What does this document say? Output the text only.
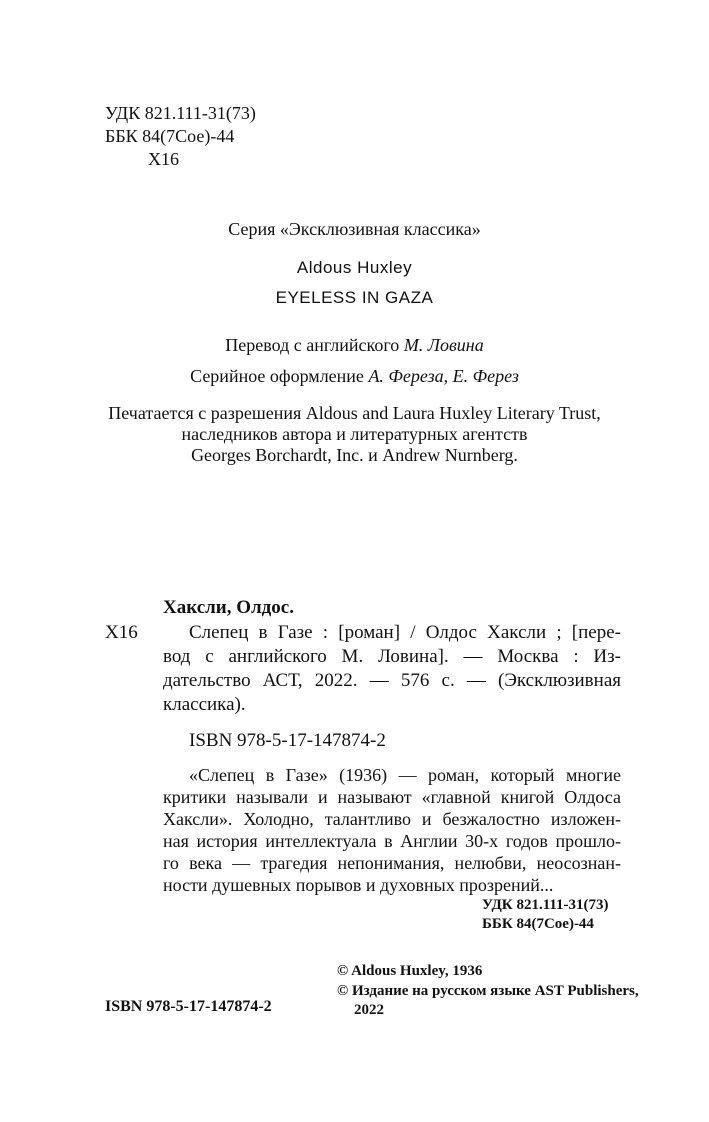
УДК 821.111-31(73)
ББК 84(7Сое)-44
Х16
Серия «Эксклюзивная классика»
Aldous Huxley
EYELESS IN GAZA
Перевод с английского М. Ловина
Серийное оформление А. Фереза, Е. Ферез
Печатается с разрешения Aldous and Laura Huxley Literary Trust,
наследников автора и литературных агентств
Georges Borchardt, Inc. и Andrew Nurnberg.
Хаксли, Олдос.
Х16	Слепец в Газе : [роман] / Олдос Хаксли ; [пере-
вод с английского М. Ловина]. — Москва : Из-
дательство АСТ, 2022. — 576 с. — (Эксклюзивная
классика).
ISBN 978-5-17-147874-2
«Слепец в Газе» (1936) — роман, который многие
критики называли и называют «главной книгой Олдоса
Хаксли». Холодно, талантливо и безжалостно изложен-
ная история интеллектуала в Англии 30-х годов прошло-
го века — трагедия непонимания, нелюбви, неосознан-
ности душевных порывов и духовных прозрений...
УДК 821.111-31(73)
ББК 84(7Сое)-44
© Aldous Huxley, 1936
© Издание на русском языке AST Publishers,
2022
ISBN 978-5-17-147874-2
